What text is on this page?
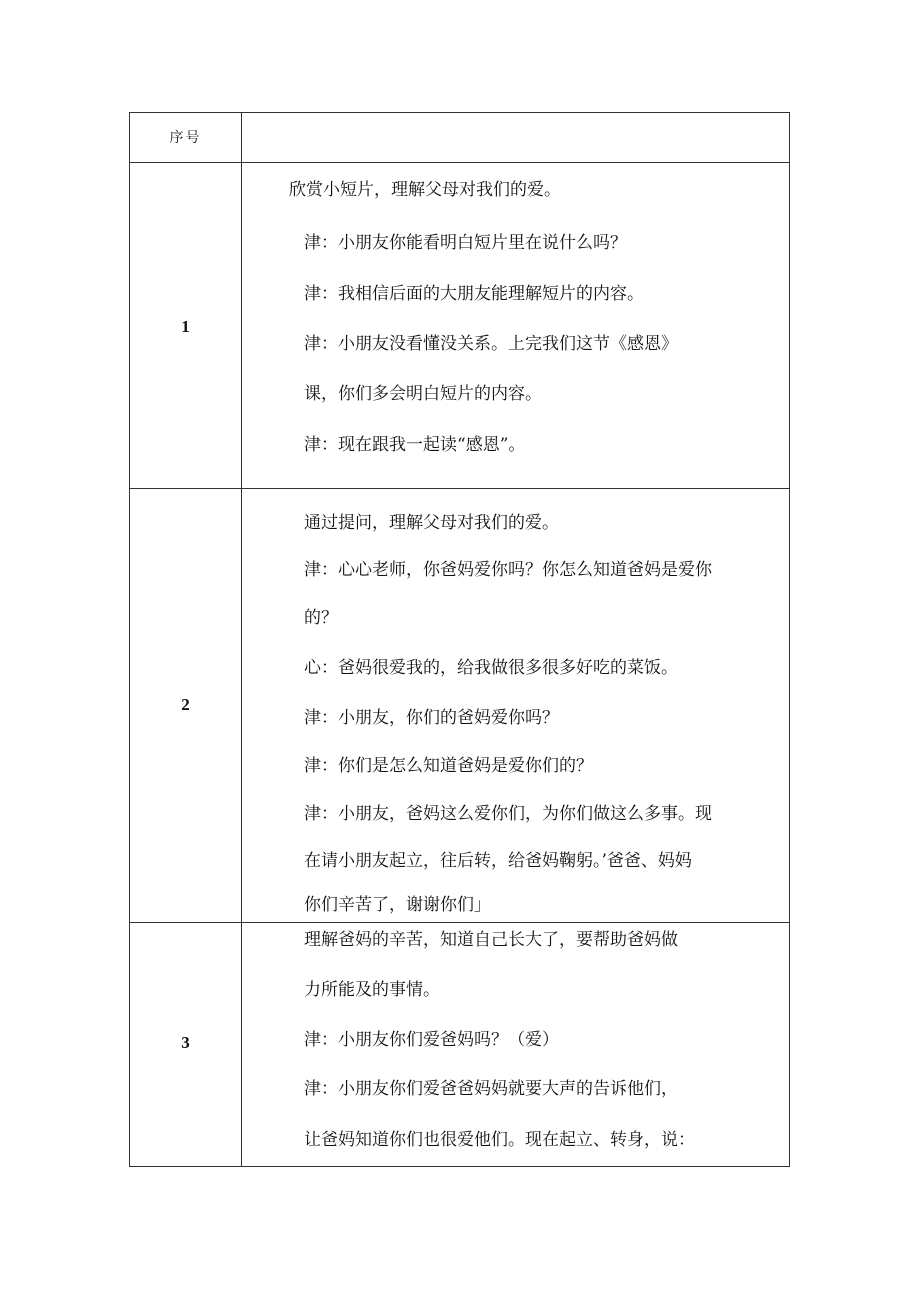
序号
1
欣赏小短片，理解父母对我们的爱。
津：小朋友你能看明白短片里在说什么吗？
津：我相信后面的大朋友能理解短片的内容。
津：小朋友没看懂没关系。上完我们这节《感恩》
课，你们多会明白短片的内容。
津：现在跟我一起读“感恩”。
2
通过提问，理解父母对我们的爱。
津：心心老师，你爸妈爱你吗？你怎么知道爸妈是爱你
的？
心：爸妈很爱我的，给我做很多很多好吃的菜饭。
津：小朋友，你们的爸妈爱你吗？
津：你们是怎么知道爸妈是爱你们的？
津：小朋友，爸妈这么爱你们，为你们做这么多事。现
在请小朋友起立，往后转，给爸妈鞠躬。’爸爸、妈妈
你们辛苦了，谢谢你们」
3
理解爸妈的辛苦，知道自己长大了，要帮助爸妈做
力所能及的事情。
津：小朋友你们爱爸妈吗？（爱）
津：小朋友你们爱爸爸妈妈就要大声的告诉他们，
让爸妈知道你们也很爱他们。现在起立、转身，说：
